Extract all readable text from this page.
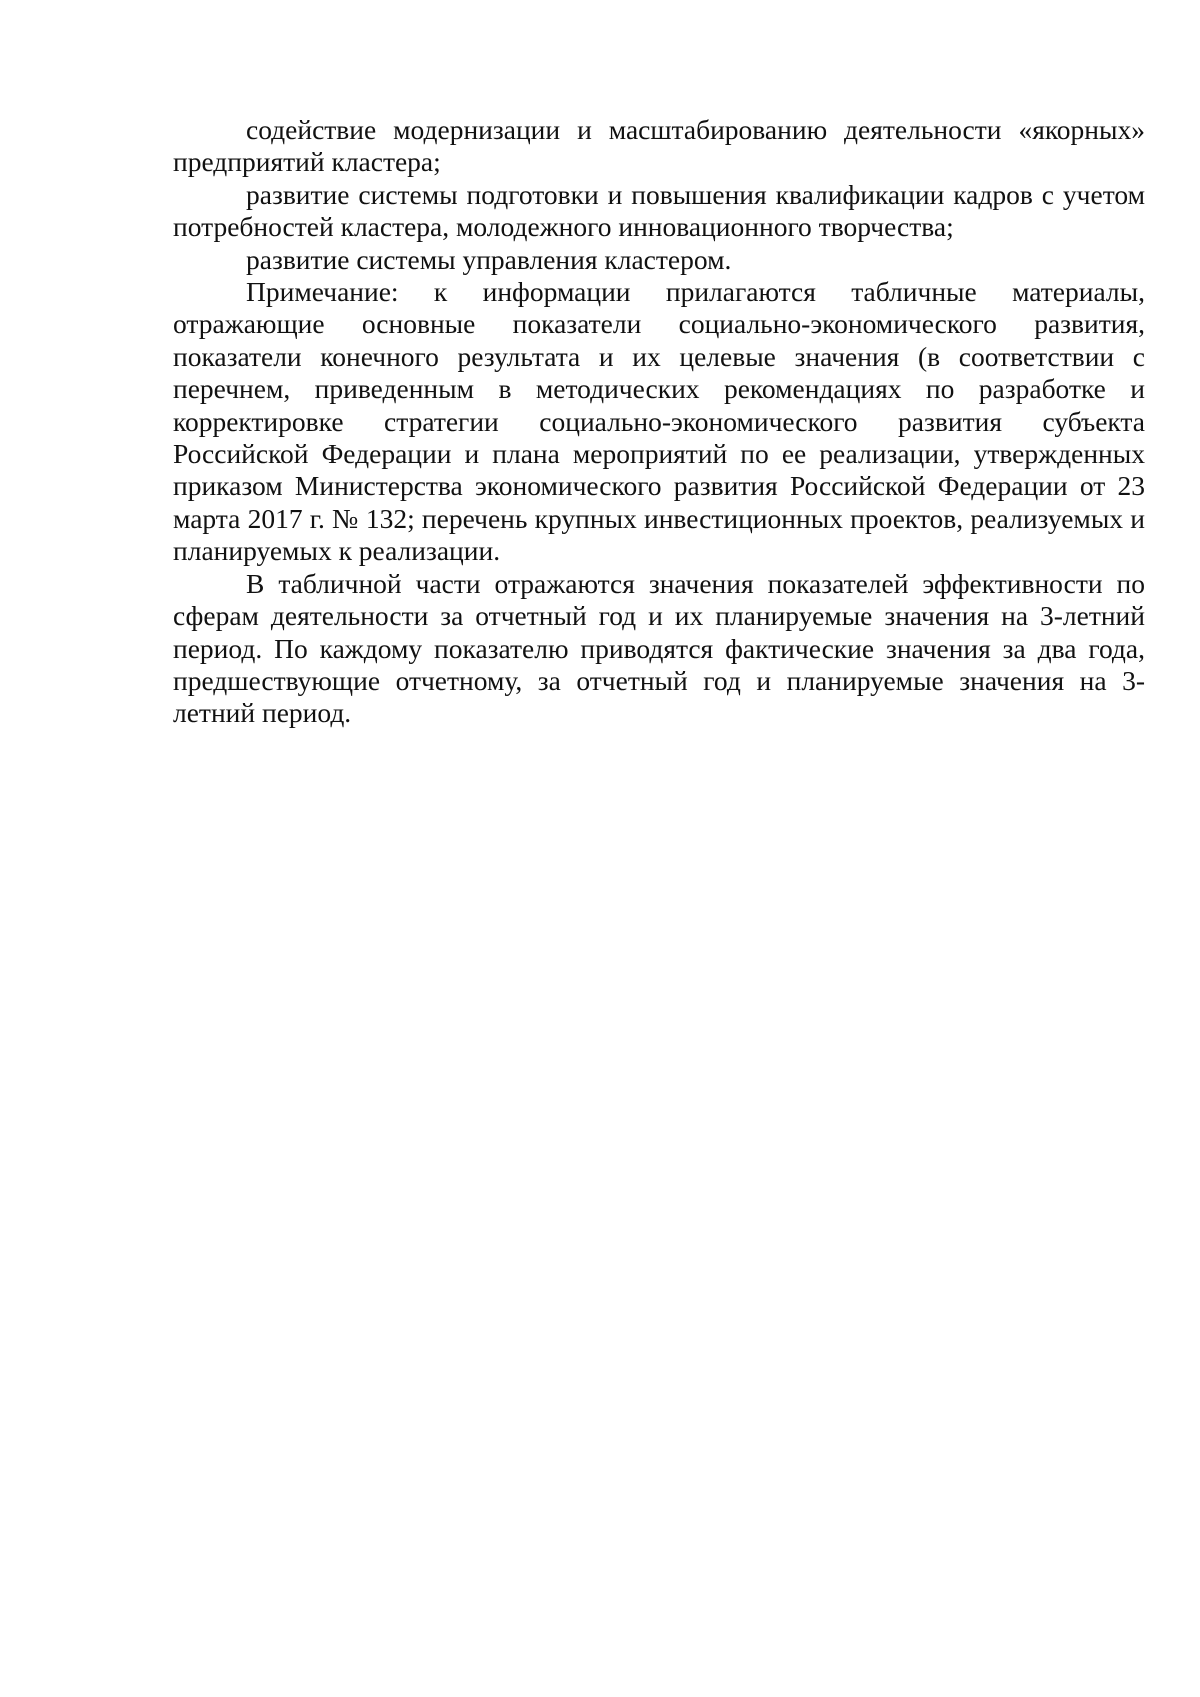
содействие модернизации и масштабированию деятельности «якорных» предприятий кластера;

развитие системы подготовки и повышения квалификации кадров с учетом потребностей кластера, молодежного инновационного творчества;

развитие системы управления кластером.

Примечание: к информации прилагаются табличные материалы, отражающие основные показатели социально-экономического развития, показатели конечного результата и их целевые значения (в соответствии с перечнем, приведенным в методических рекомендациях по разработке и корректировке стратегии социально-экономического развития субъекта Российской Федерации и плана мероприятий по ее реализации, утвержденных приказом Министерства экономического развития Российской Федерации от 23 марта 2017 г. № 132; перечень крупных инвестиционных проектов, реализуемых и планируемых к реализации.

В табличной части отражаются значения показателей эффективности по сферам деятельности за отчетный год и их планируемые значения на 3-летний период. По каждому показателю приводятся фактические значения за два года, предшествующие отчетному, за отчетный год и планируемые значения на 3-летний период.
